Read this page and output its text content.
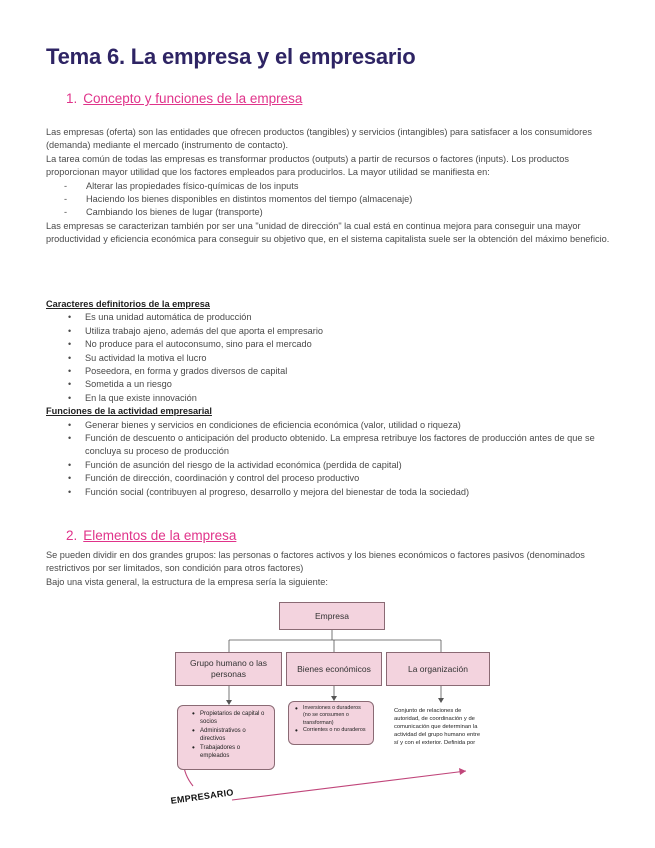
Tema 6. La empresa y el empresario
1. Concepto y funciones de la empresa

Las empresas (oferta) son las entidades que ofrecen productos (tangibles) y servicios (intangibles) para satisfacer a los consumidores (demanda) mediante el mercado (instrumento de contacto).

La tarea común de todas las empresas es transformar productos (outputs) a partir de recursos o factores (inputs). Los productos proporcionan mayor utilidad que los factores empleados para producirlos. La mayor utilidad se manifiesta en:

- Alterar las propiedades físico-químicas de los inputs
- Haciendo los bienes disponibles en distintos momentos del tiempo (almacenaje)
- Cambiando los bienes de lugar (transporte)

Las empresas se caracterizan también por ser una "unidad de dirección" la cual está en continua mejora para conseguir una mayor productividad y eficiencia económica para conseguir su objetivo que, en el sistema capitalista suele ser la obtención del máximo beneficio.

Caracteres definitorios de la empresa
• Es una unidad automática de producción
• Utiliza trabajo ajeno, además del que aporta el empresario
• No produce para el autoconsumo, sino para el mercado
• Su actividad la motiva el lucro
• Poseedora, en forma y grados diversos de capital
• Sometida a un riesgo
• En la que existe innovación
Funciones de la actividad empresarial
• Generar bienes y servicios en condiciones de eficiencia económica (valor, utilidad o riqueza)
• Función de descuento o anticipación del producto obtenido. La empresa retribuye los factores de producción antes de que se concluya su proceso de producción
• Función de asunción del riesgo de la actividad económica (perdida de capital)
• Función de dirección, coordinación y control del proceso productivo
• Función social (contribuyen al progreso, desarrollo y mejora del bienestar de toda la sociedad)
2. Elementos de la empresa

Se pueden dividir en dos grandes grupos: las personas o factores activos y los bienes económicos o factores pasivos (denominados restrictivos por ser limitados, son condición para otros factores)

Bajo una vista general, la estructura de la empresa sería la siguiente:

Empresa
Grupo humano o las personas
Bienes económicos	La organización
• Propietarios de capital o socios
• Administrativos o directivos
• Trabajadores o empleados
• Inversiones o duraderos (no se consumen o transforman)
• Corrientes o no duraderos
Conjunto de relaciones de autoridad, de coordinación y de comunicación que determinan la actividad del grupo humano entre sí y con el exterior. Definida por
EMPRESARIO
